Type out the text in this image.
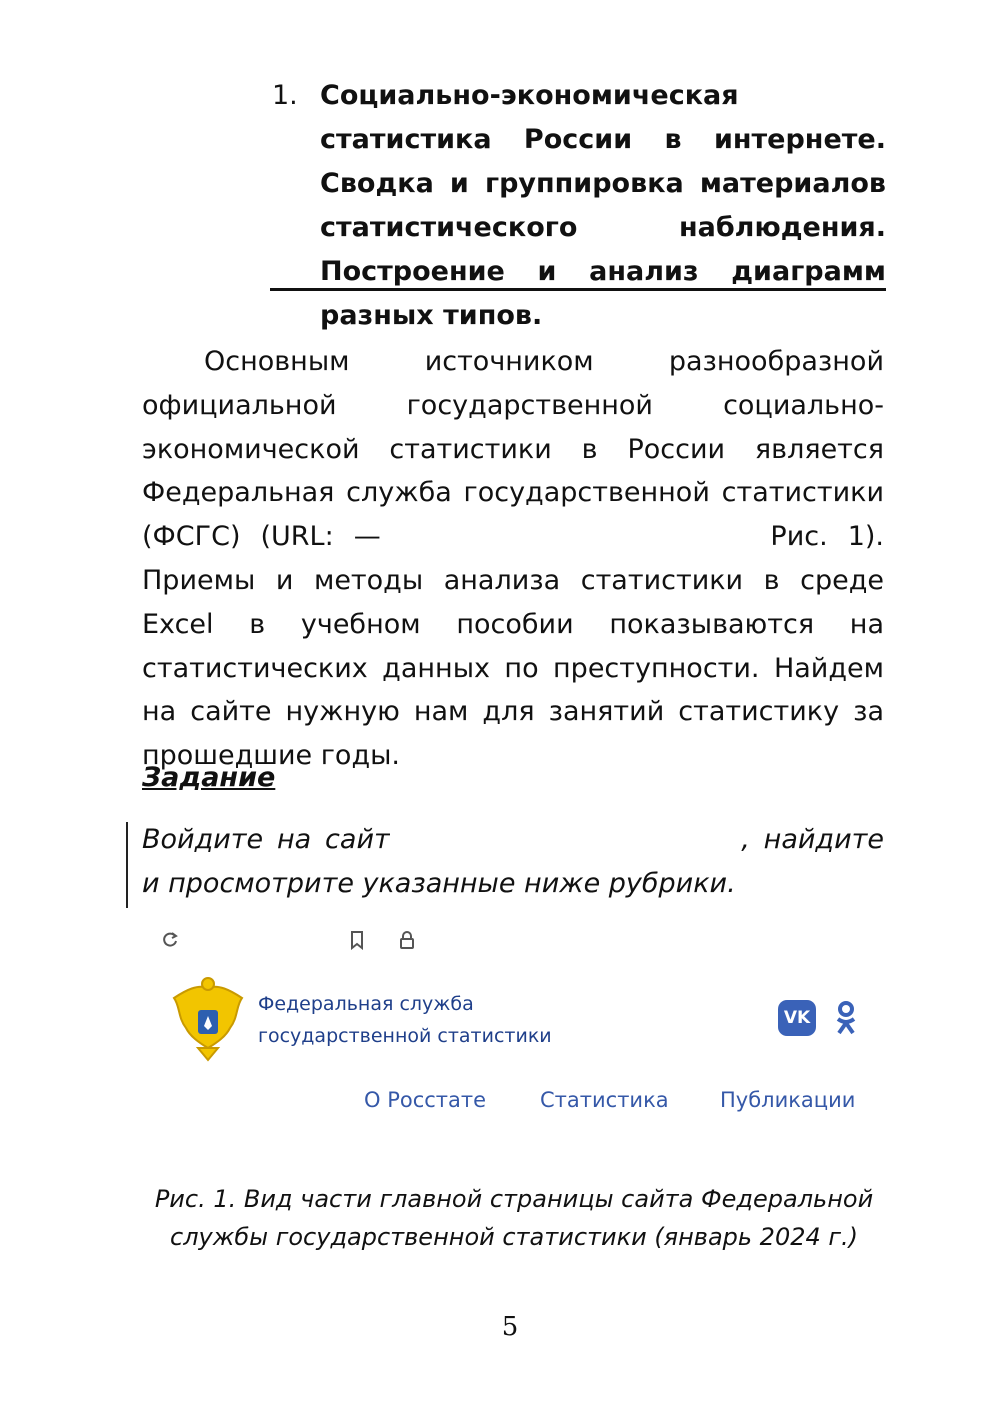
1. Социально-экономическая статистика России в интернете. Сводка и группировка материалов статистического наблюдения. Построение и анализ диаграмм разных типов.

Основным источником разнообразной официальной государственной социально-экономической статистики в России является Федеральная служба государственной статистики (ФСГС) (URL: —	Рис. 1). Приемы и методы анализа статистики в среде Excel в учебном пособии показываются на статистических данных по преступности. Найдем на сайте нужную нам для занятий статистику за прошедшие годы.

Задание

Войдите на сайт	, найдите и просмотрите указанные ниже рубрики.

Федеральная служба
государственной статистики
VK
О Росстате	Статистика Публикации

Рис. 1. Вид части главной страницы сайта Федеральной службы государственной статистики (январь 2024 г.)

5
